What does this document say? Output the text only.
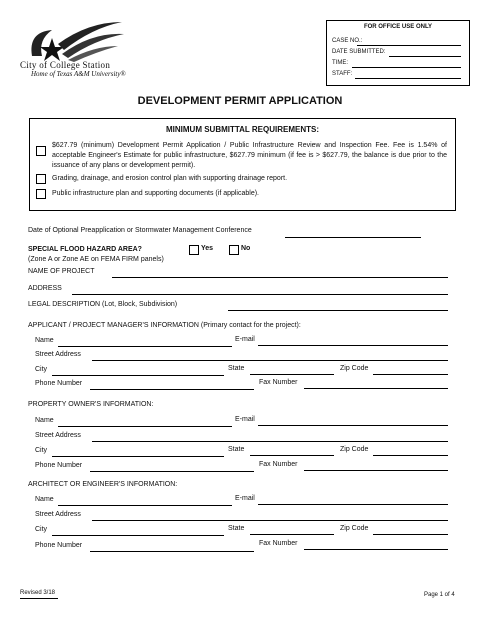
City of College Station
Home of Texas A&M University®
FOR OFFICE USE ONLY
CASE NO.:
DATE SUBMITTED:
TIME:
STAFF:
DEVELOPMENT PERMIT APPLICATION
MINIMUM SUBMITTAL REQUIREMENTS:
$627.79 (minimum) Development Permit Application / Public Infrastructure Review and Inspection Fee. Fee is 1.54% of acceptable Engineer's Estimate for public infrastructure, $627.79 minimum (if fee is > $627.79, the balance is due prior to the issuance of any plans or development permit).
Grading, drainage, and erosion control plan with supporting drainage report.
Public infrastructure plan and supporting documents (if applicable).
Date of Optional Preapplication or Stormwater Management Conference
SPECIAL FLOOD HAZARD AREA?	Yes	No
(Zone A or Zone AE on FEMA FIRM panels)
NAME OF PROJECT
ADDRESS
LEGAL DESCRIPTION (Lot, Block, Subdivision)
APPLICANT / PROJECT MANAGER'S INFORMATION (Primary contact for the project):
Name	E-mail
Street Address
City	State	Zip Code
Phone Number	Fax Number
PROPERTY OWNER'S INFORMATION:
Name	E-mail
Street Address
City	State	Zip Code
Phone Number	Fax Number
ARCHITECT OR ENGINEER'S INFORMATION:
Name	E-mail
Street Address
City	State	Zip Code
Phone Number	Fax Number
Revised 3/18	Page 1 of 4
